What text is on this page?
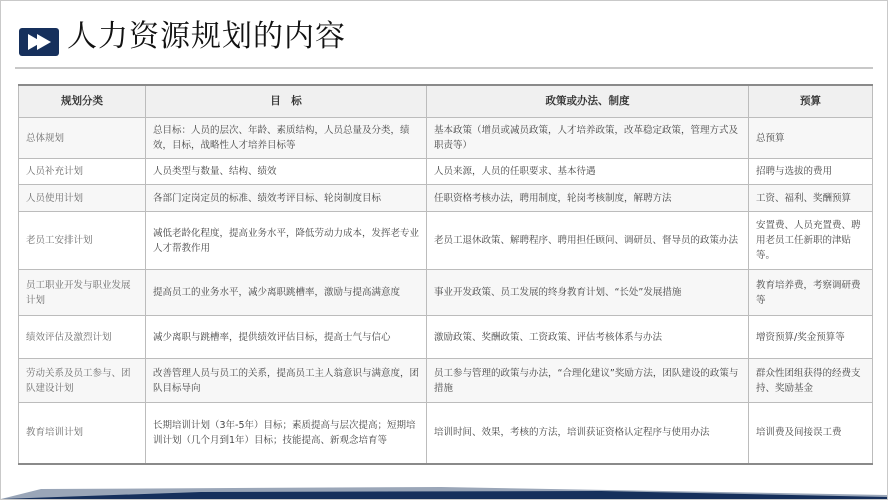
人力资源规划的内容
规划分类	目　标	政策或办法、制度	预算
总体规划	总目标：人员的层次、年龄、素质结构，人员总量及分类，绩效，目标，战略性人才培养目标等	基本政策（增员或减员政策，人才培养政策，改革稳定政策，管理方式及职责等）	总预算
人员补充计划	人员类型与数量、结构、绩效	人员来源，人员的任职要求、基本待遇	招聘与选拔的费用
人员使用计划	各部门定岗定员的标准、绩效考评目标、轮岗制度目标	任职资格考核办法，聘用制度，轮岗考核制度，解聘方法	工资、福利、奖酬预算
老员工安排计划	减低老龄化程度，提高业务水平，降低劳动力成本，发挥老专业人才帮教作用	老员工退休政策、解聘程序、聘用担任顾问、调研员、督导员的政策办法	安置费、人员充置费、聘用老员工任新职的津贴等。
员工职业开发与职业发展计划	提高员工的业务水平，减少离职跳槽率，激励与提高满意度	事业开发政策、员工发展的终身教育计划、“长处”发展措施	教育培养费，考察调研费等
绩效评估及激烈计划	减少离职与跳槽率，提供绩效评估目标，提高士气与信心	激励政策、奖酬政策、工资政策、评估考核体系与办法	增资预算/奖金预算等
劳动关系及员工参与、团队建设计划	改善管理人员与员工的关系，提高员工主人翁意识与满意度，团队目标导向	员工参与管理的政策与办法，“合理化建议”奖励方法，团队建设的政策与措施	群众性团组获得的经费支持、奖励基金
教育培训计划	长期培训计划（3年-5年）目标；素质提高与层次提高；短期培训计划（几个月到1年）目标；技能提高、新观念培育等	培训时间、效果，考核的方法，培训获证资格认定程序与使用办法	培训费及间接误工费
